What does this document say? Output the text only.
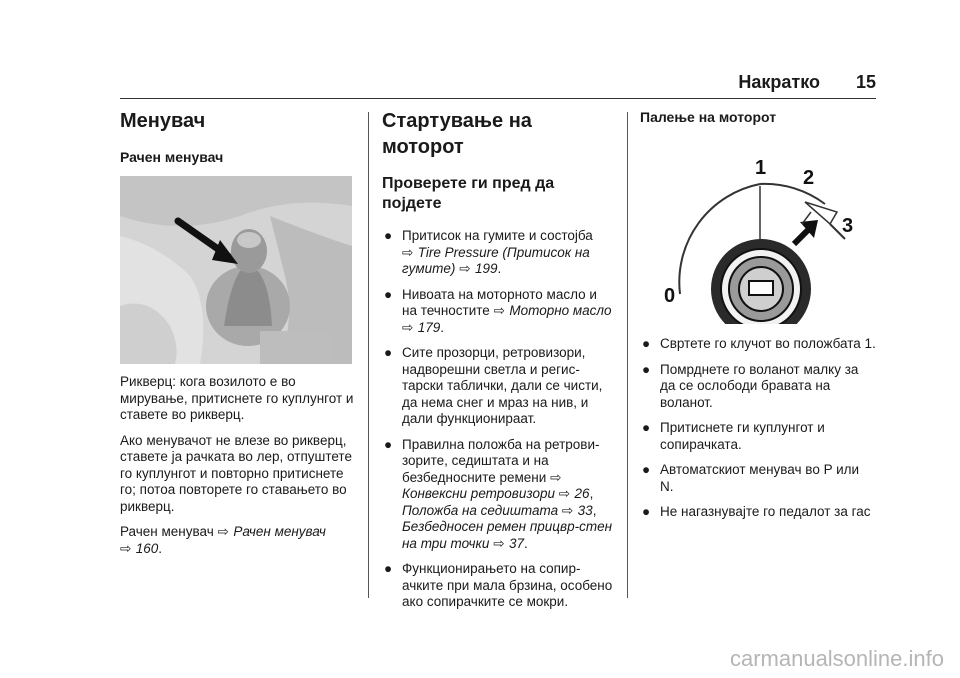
Накратко 15
Менувач
Рачен менувач

Рикверц: кога возилото е во мирување, притиснете го куплунгот и ставете во рикверц.

Ако менувачот не влезе во рикверц, ставете ја рачката во лер, отпуштете го куплунгот и повторно притиснете го; потоа повторете го ставањето во рикверц.

Рачен менувач ⇨ Рачен менувач
⇨ 160.

Стартување на моторот
Проверете ги пред да појдете
● Притисок на гумите и состојба
⇨ Tire Pressure (Притисок на гумите) ⇨ 199.
● Нивоата на моторното масло и на течностите ⇨ Моторно масло ⇨ 179.
● Сите прозорци, ретровизори, надворешни светла и регис-тарски таблички, дали се чисти, да нема снег и мраз на нив, и дали функционираат.
● Правилна положба на ретрови-зорите, седиштата и на безбедносните ремени ⇨
Конвексни ретровизори ⇨ 26,
Положба на седиштата ⇨ 33,
Безбедносен ремен прицвр-стен на три точки ⇨ 37.
● Функционирањето на сопир-ачките при мала брзина, особено ако сопирачките се мокри.
Палење на моторот
0
1 2
3
● Свртете го клучот во положбата 1.
● Помрднете го воланот малку за да се ослободи бравата на воланот.
● Притиснете ги куплунгот и сопирачката.
● Автоматскиот менувач во P или N.
● Не нагазнувајте го педалот за гас
carmanualsonline.info
